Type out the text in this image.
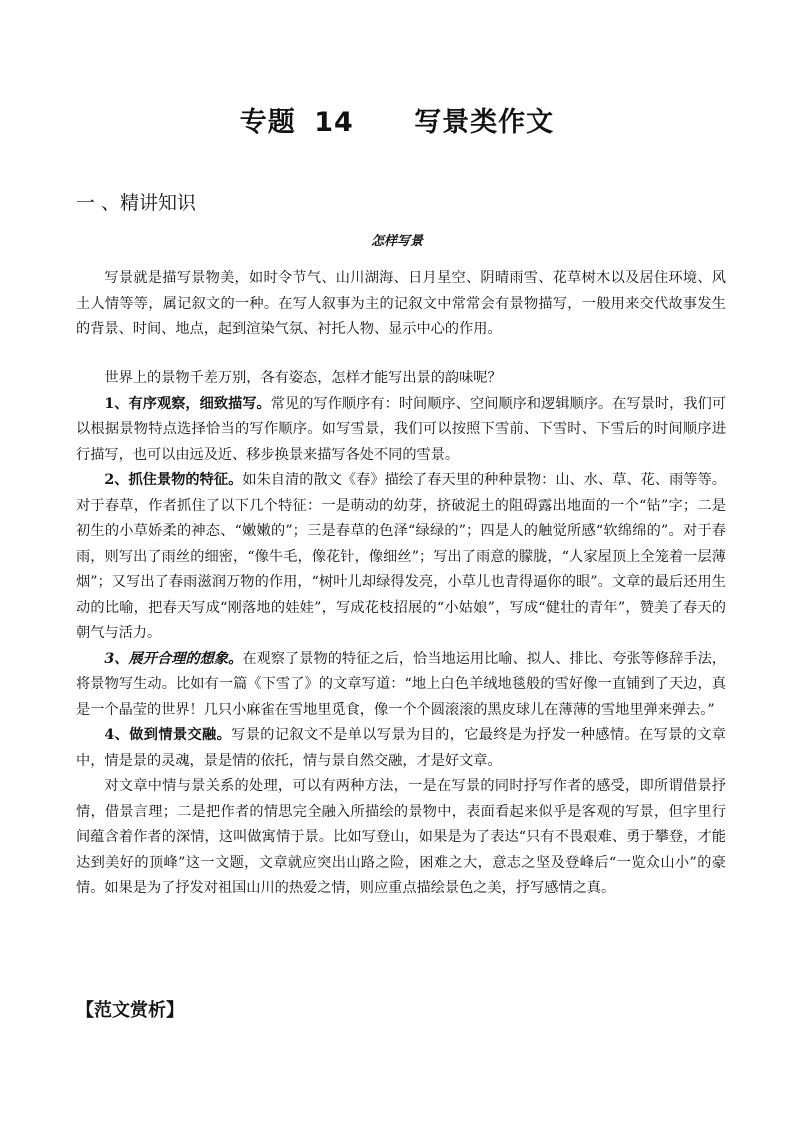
专题 14 写景类作文
一 、精讲知识
怎样写景

写景就是描写景物美，如时令节气、山川湖海、日月星空、阴晴雨雪、花草树木以及居住环境、风土人情等等，属记叙文的一种。在写人叙事为主的记叙文中常常会有景物描写，一般用来交代故事发生的背景、时间、地点，起到渲染气氛、衬托人物、显示中心的作用。

世界上的景物千差万别，各有姿态，怎样才能写出景的韵味呢？

1、有序观察，细致描写。常见的写作顺序有：时间顺序、空间顺序和逻辑顺序。在写景时，我们可以根据景物特点选择恰当的写作顺序。如写雪景，我们可以按照下雪前、下雪时、下雪后的时间顺序进行描写，也可以由远及近、移步换景来描写各处不同的雪景。

2、抓住景物的特征。如朱自清的散文《春》描绘了春天里的种种景物：山、水、草、花、雨等等。对于春草，作者抓住了以下几个特征：一是萌动的幼芽，挤破泥土的阻碍露出地面的一个“钻”字；二是初生的小草娇柔的神态、“嫩嫩的”；三是春草的色泽“绿绿的”；四是人的触觉所感“软绵绵的”。对于春雨，则写出了雨丝的细密，“像牛毛，像花针，像细丝”；写出了雨意的朦胧，“人家屋顶上全笼着一层薄烟”；又写出了春雨滋润万物的作用，“树叶儿却绿得发亮，小草儿也青得逼你的眼”。文章的最后还用生动的比喻，把春天写成“刚落地的娃娃”，写成花枝招展的“小姑娘”，写成“健壮的青年”，赞美了春天的朝气与活力。

3、展开合理的想象。在观察了景物的特征之后，恰当地运用比喻、拟人、排比、夸张等修辞手法，将景物写生动。比如有一篇《下雪了》的文章写道：“地上白色羊绒地毯般的雪好像一直铺到了天边，真是一个晶莹的世界！几只小麻雀在雪地里觅食，像一个个圆滚滚的黑皮球儿在薄薄的雪地里弹来弹去。”

4、做到情景交融。写景的记叙文不是单以写景为目的，它最终是为抒发一种感情。在写景的文章中，情是景的灵魂，景是情的依托，情与景自然交融，才是好文章。

对文章中情与景关系的处理，可以有两种方法，一是在写景的同时抒写作者的感受，即所谓借景抒情，借景言理；二是把作者的情思完全融入所描绘的景物中，表面看起来似乎是客观的写景，但字里行间蕴含着作者的深情，这叫做寓情于景。比如写登山，如果是为了表达“只有不畏艰难、勇于攀登，才能达到美好的顶峰”这一文题，文章就应突出山路之险，困难之大，意志之坚及登峰后“一览众山小”的豪情。如果是为了抒发对祖国山川的热爱之情，则应重点描绘景色之美，抒写感情之真。

【范文赏析】
